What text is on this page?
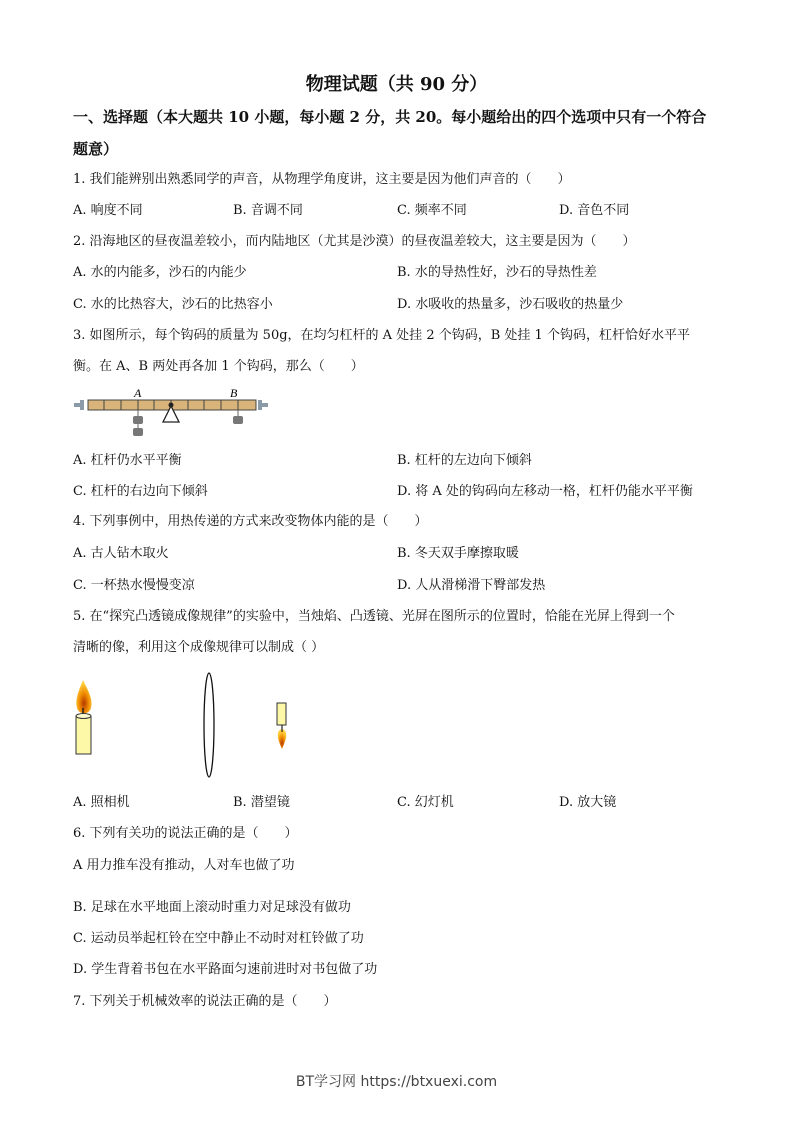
物理试题（共 90 分）
一、选择题（本大题共 10 小题，每小题 2 分，共 20。每小题给出的四个选项中只有一个符合
题意）
1. 我们能辨别出熟悉同学的声音，从物理学角度讲，这主要是因为他们声音的（　　）
A. 响度不同	B. 音调不同	C. 频率不同	D. 音色不同
2. 沿海地区的昼夜温差较小，而内陆地区（尤其是沙漠）的昼夜温差较大，这主要是因为（　　）
A. 水的内能多，沙石的内能少	B. 水的导热性好，沙石的导热性差
C. 水的比热容大，沙石的比热容小	D. 水吸收的热量多，沙石吸收的热量少
3. 如图所示，每个钩码的质量为 50g，在均匀杠杆的 A 处挂 2 个钩码，B 处挂 1 个钩码，杠杆恰好水平平
衡。在 A、B 两处再各加 1 个钩码，那么（　　）
A	B
A. 杠杆仍水平平衡	B. 杠杆的左边向下倾斜
C. 杠杆的右边向下倾斜	D. 将 A 处的钩码向左移动一格，杠杆仍能水平平衡
4. 下列事例中，用热传递的方式来改变物体内能的是（　　）
A. 古人钻木取火	B. 冬天双手摩擦取暖
C. 一杯热水慢慢变凉	D. 人从滑梯滑下臀部发热
5. 在“探究凸透镜成像规律”的实验中，当烛焰、凸透镜、光屏在图所示的位置时，恰能在光屏上得到一个
清晰的像，利用这个成像规律可以制成（ ）
A. 照相机	B. 潜望镜	C. 幻灯机	D. 放大镜
6. 下列有关功的说法正确的是（　　）
A 用力推车没有推动，人对车也做了功
B. 足球在水平地面上滚动时重力对足球没有做功
C. 运动员举起杠铃在空中静止不动时对杠铃做了功
D. 学生背着书包在水平路面匀速前进时对书包做了功
7. 下列关于机械效率的说法正确的是（　　）
BT学习网 https://btxuexi.com
